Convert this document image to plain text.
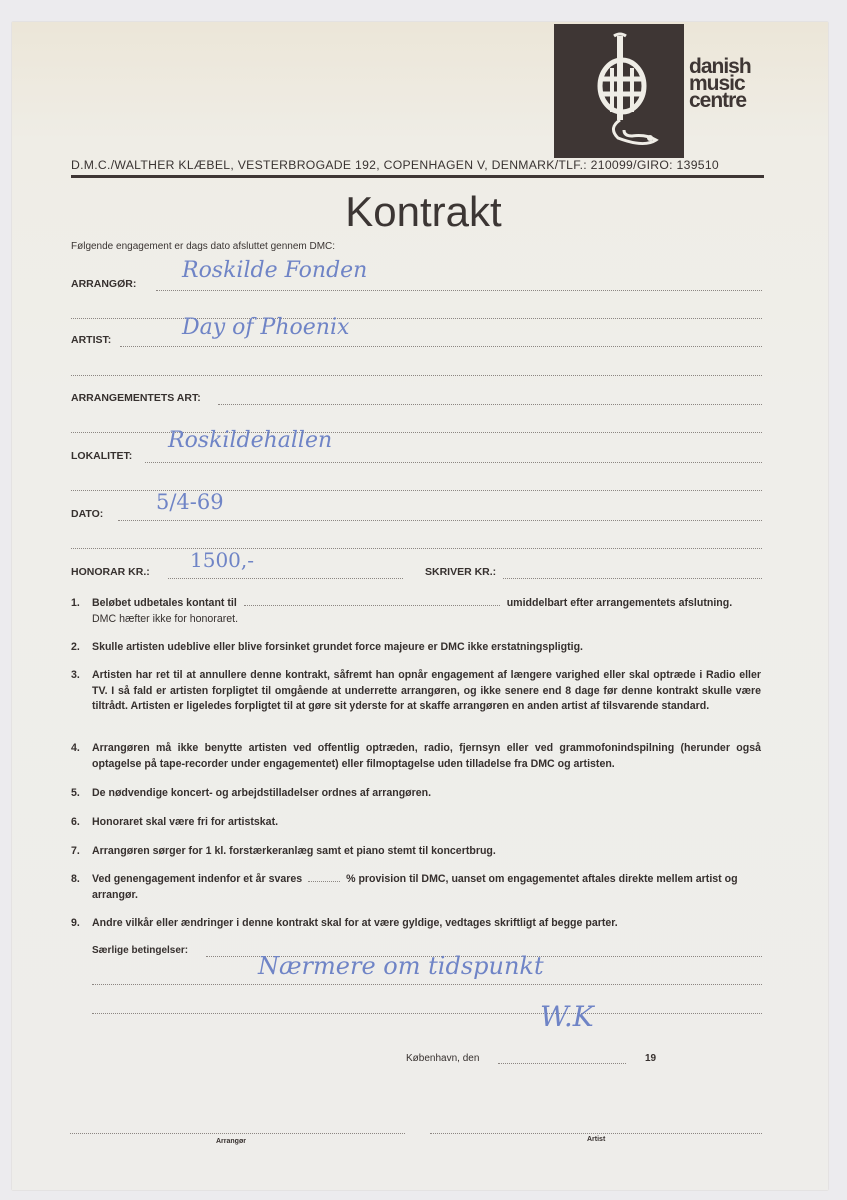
danish
music
centre
D.M.C./WALTHER KLÆBEL, VESTERBROGADE 192, COPENHAGEN V, DENMARK/TLF.: 210099/GIRO: 139510
Kontrakt
Følgende engagement er dags dato afsluttet gennem DMC:
ARRANGØR:
Roskilde Fonden
ARTIST:	Day of Phoenix
ARRANGEMENTETS ART:
LOKALITET:
Roskildehallen
DATO:	5/4-69
HONORAR KR.: 1500,-	SKRIVER KR.:
1.	Beløbet udbetales kontant til	umiddelbart efter arrangementets afslutning.
DMC hæfter ikke for honoraret.
2.	Skulle artisten udeblive eller blive forsinket grundet force majeure er DMC ikke erstatningspligtig.
3.	Artisten har ret til at annullere denne kontrakt, såfremt han opnår engagement af længere varighed eller skal optræde i Radio eller TV. I så fald er artisten forpligtet til omgående at underrette arrangøren, og ikke senere end 8 dage før denne kontrakt skulle være tiltrådt. Artisten er ligeledes forpligtet til at gøre sit yderste for at skaffe arrangøren en anden artist af tilsvarende standard.
4.	Arrangøren må ikke benytte artisten ved offentlig optræden, radio, fjernsyn eller ved grammofonindspilning (herunder også optagelse på tape-recorder under engagementet) eller filmoptagelse uden tilladelse fra DMC og artisten.
5.	De nødvendige koncert- og arbejdstilladelser ordnes af arrangøren.
6.	Honoraret skal være fri for artistskat.
7.	Arrangøren sørger for 1 kl. forstærkeranlæg samt et piano stemt til koncertbrug.
8.	Ved genengagement indenfor et år svares	% provision til DMC, uanset om engagementet aftales direkte mellem artist og arrangør.
9.	Andre vilkår eller ændringer i denne kontrakt skal for at være gyldige, vedtages skriftligt af begge parter.
Særlige betingelser:
Nærmere om tidspunkt
W.K
København, den	19
Arrangør	Artist
